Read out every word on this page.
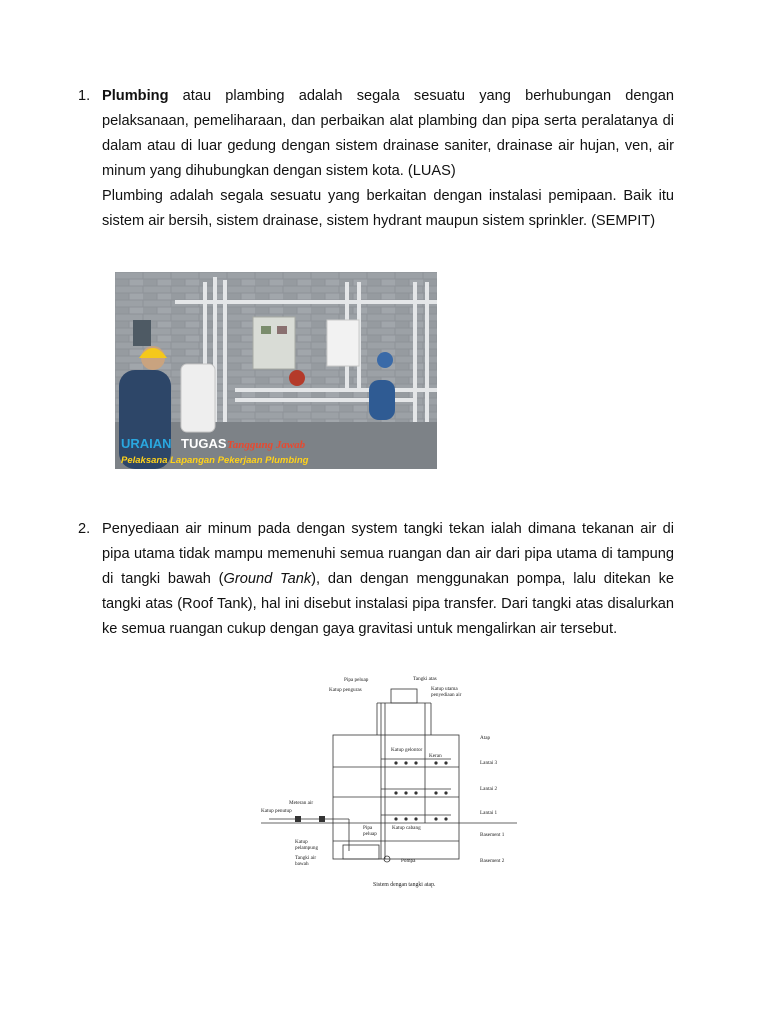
1. Plumbing atau plambing adalah segala sesuatu yang berhubungan dengan pelaksanaan, pemeliharaan, dan perbaikan alat plambing dan pipa serta peralatanya di dalam atau di luar gedung dengan sistem drainase saniter, drainase air hujan, ven, air minum yang dihubungkan dengan sistem kota. (LUAS)

Plumbing adalah segala sesuatu yang berkaitan dengan instalasi pemipaan. Baik itu sistem air bersih, sistem drainase, sistem hydrant maupun sistem sprinkler. (SEMPIT)

URAIAN TUGAS Tanggung Jawab
Pelaksana Lapangan Pekerjaan Plumbing
2. Penyediaan air minum pada dengan system tangki tekan ialah dimana tekanan air di pipa utama tidak mampu memenuhi semua ruangan dan air dari pipa utama di tampung di tangki bawah (Ground Tank), dan dengan menggunakan pompa, lalu ditekan ke tangki atas (Roof Tank), hal ini disebut instalasi pipa transfer. Dari tangki atas disalurkan ke semua ruangan cukup dengan gaya gravitasi untuk mengalirkan air tersebut.

Pipa peluap	Tangki atas
Katup penguras	Katup utama
penyediaan air
Atap
Katup gelontor
Keran
Lantai 3
Lantai 2
Lantai 1
Meteran air
Katup penutup
Pipa
peluap
Katup cabang
Basement 1
Katup
pelampung
Tangki air
bawah	Pompa	Basement 2
Sistem dengan tangki atap.
